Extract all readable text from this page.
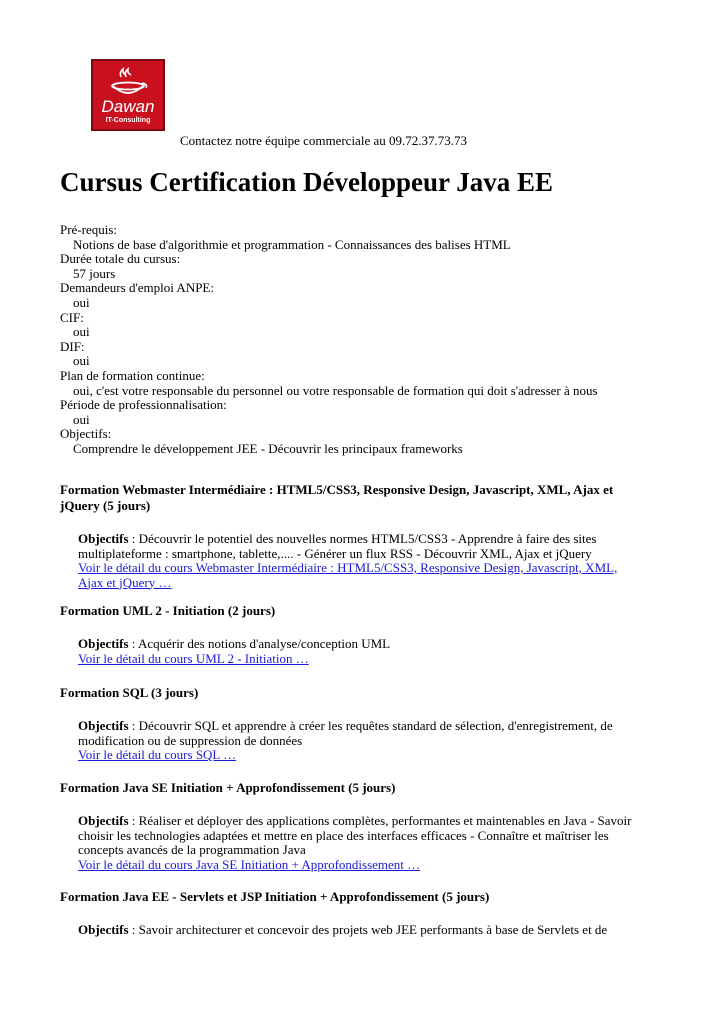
Dawan
IT-Consulting
Contactez notre équipe commerciale au 09.72.37.73.73
Cursus Certification Développeur Java EE
Pré-requis:
Notions de base d'algorithmie et programmation - Connaissances des balises HTML
Durée totale du cursus:
57 jours
Demandeurs d'emploi ANPE:
oui
CIF:
oui
DIF:
oui
Plan de formation continue:
oui, c'est votre responsable du personnel ou votre responsable de formation qui doit s'adresser à nous
Période de professionnalisation:
oui
Objectifs:
Comprendre le développement JEE - Découvrir les principaux frameworks
Formation Webmaster Intermédiaire : HTML5/CSS3, Responsive Design, Javascript, XML, Ajax et jQuery (5 jours)
Objectifs : Découvrir le potentiel des nouvelles normes HTML5/CSS3 - Apprendre à faire des sites multiplateforme : smartphone, tablette,.... - Générer un flux RSS - Découvrir XML, Ajax et jQuery
Voir le détail du cours Webmaster Intermédiaire : HTML5/CSS3, Responsive Design, Javascript, XML, Ajax et jQuery …
Formation UML 2 - Initiation (2 jours)
Objectifs : Acquérir des notions d'analyse/conception UML
Voir le détail du cours UML 2 - Initiation …
Formation SQL (3 jours)
Objectifs : Découvrir SQL et apprendre à créer les requêtes standard de sélection, d'enregistrement, de modification ou de suppression de données
Voir le détail du cours SQL …
Formation Java SE Initiation + Approfondissement (5 jours)
Objectifs : Réaliser et déployer des applications complètes, performantes et maintenables en Java - Savoir choisir les technologies adaptées et mettre en place des interfaces efficaces - Connaître et maîtriser les concepts avancés de la programmation Java
Voir le détail du cours Java SE Initiation + Approfondissement …
Formation Java EE - Servlets et JSP Initiation + Approfondissement (5 jours)
Objectifs : Savoir architecturer et concevoir des projets web JEE performants à base de Servlets et de
